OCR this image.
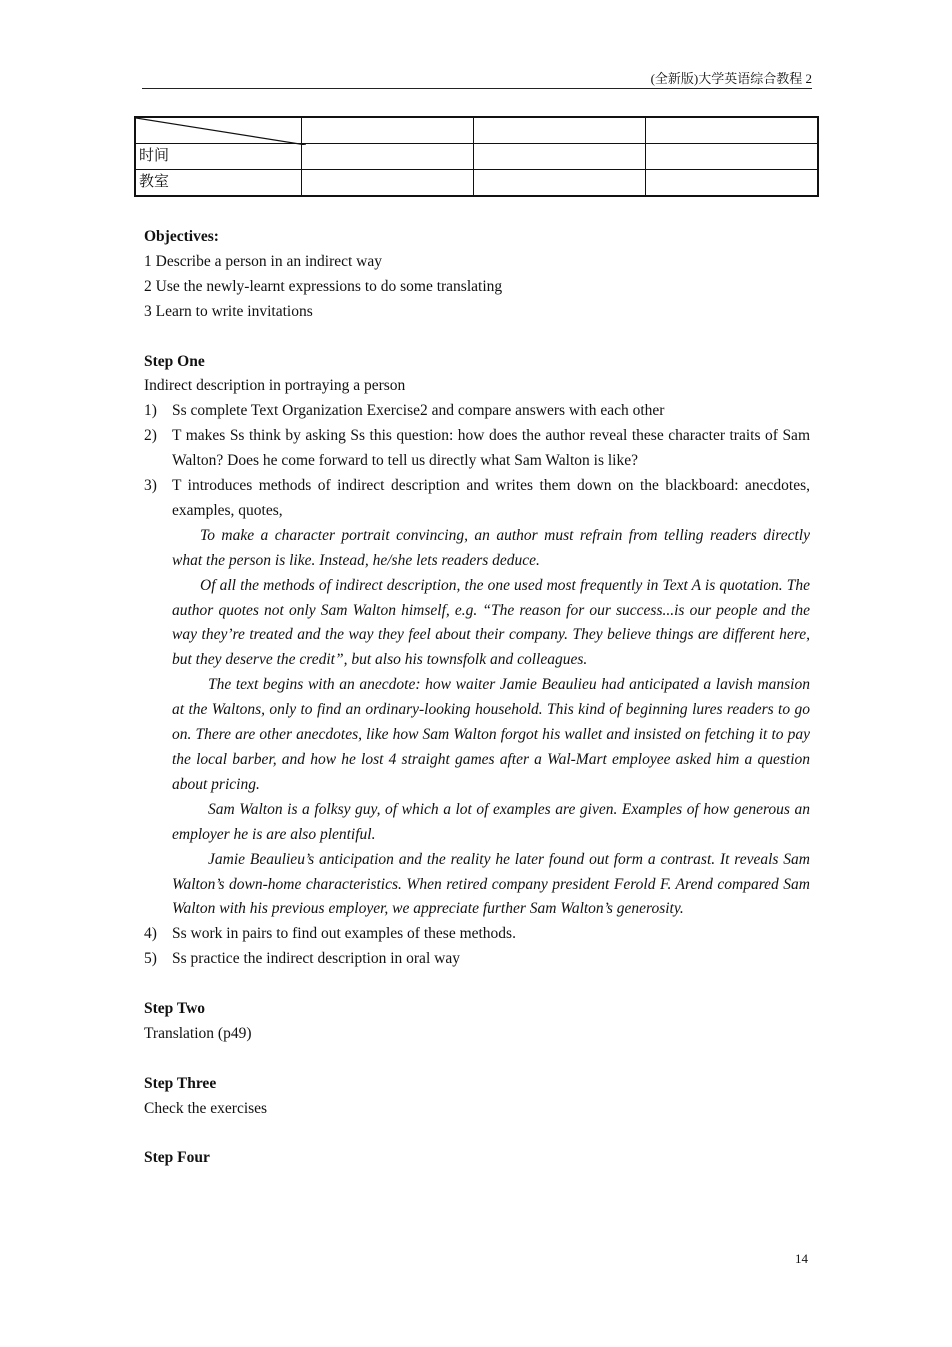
(全新版)大学英语综合教程 2

时间			
教室			
Objectives:
1 Describe a person in an indirect way
2 Use the newly-learnt expressions to do some translating
3 Learn to write invitations
Step One
Indirect description in portraying a person
1) Ss complete Text Organization Exercise2 and compare answers with each other
2) T makes Ss think by asking Ss this question: how does the author reveal these character traits of Sam Walton? Does he come forward to tell us directly what Sam Walton is like?
3) T introduces methods of indirect description and writes them down on the blackboard: anecdotes, examples, quotes,
To make a character portrait convincing, an author must refrain from telling readers directly what the person is like. Instead, he/she lets readers deduce.
Of all the methods of indirect description, the one used most frequently in Text A is quotation. The author quotes not only Sam Walton himself, e.g. “The reason for our success...is our people and the way they’re treated and the way they feel about their company. They believe things are different here, but they deserve the credit”, but also his townsfolk and colleagues.
The text begins with an anecdote: how waiter Jamie Beaulieu had anticipated a lavish mansion at the Waltons, only to find an ordinary-looking household. This kind of beginning lures readers to go on. There are other anecdotes, like how Sam Walton forgot his wallet and insisted on fetching it to pay the local barber, and how he lost 4 straight games after a Wal-Mart employee asked him a question about pricing.
Sam Walton is a folksy guy, of which a lot of examples are given. Examples of how generous an employer he is are also plentiful.
Jamie Beaulieu’s anticipation and the reality he later found out form a contrast. It reveals Sam Walton’s down-home characteristics. When retired company president Ferold F. Arend compared Sam Walton with his previous employer, we appreciate further Sam Walton’s generosity.
4) Ss work in pairs to find out examples of these methods.
5) Ss practice the indirect description in oral way
Step Two
Translation (p49)
Step Three
Check the exercises
Step Four
14
